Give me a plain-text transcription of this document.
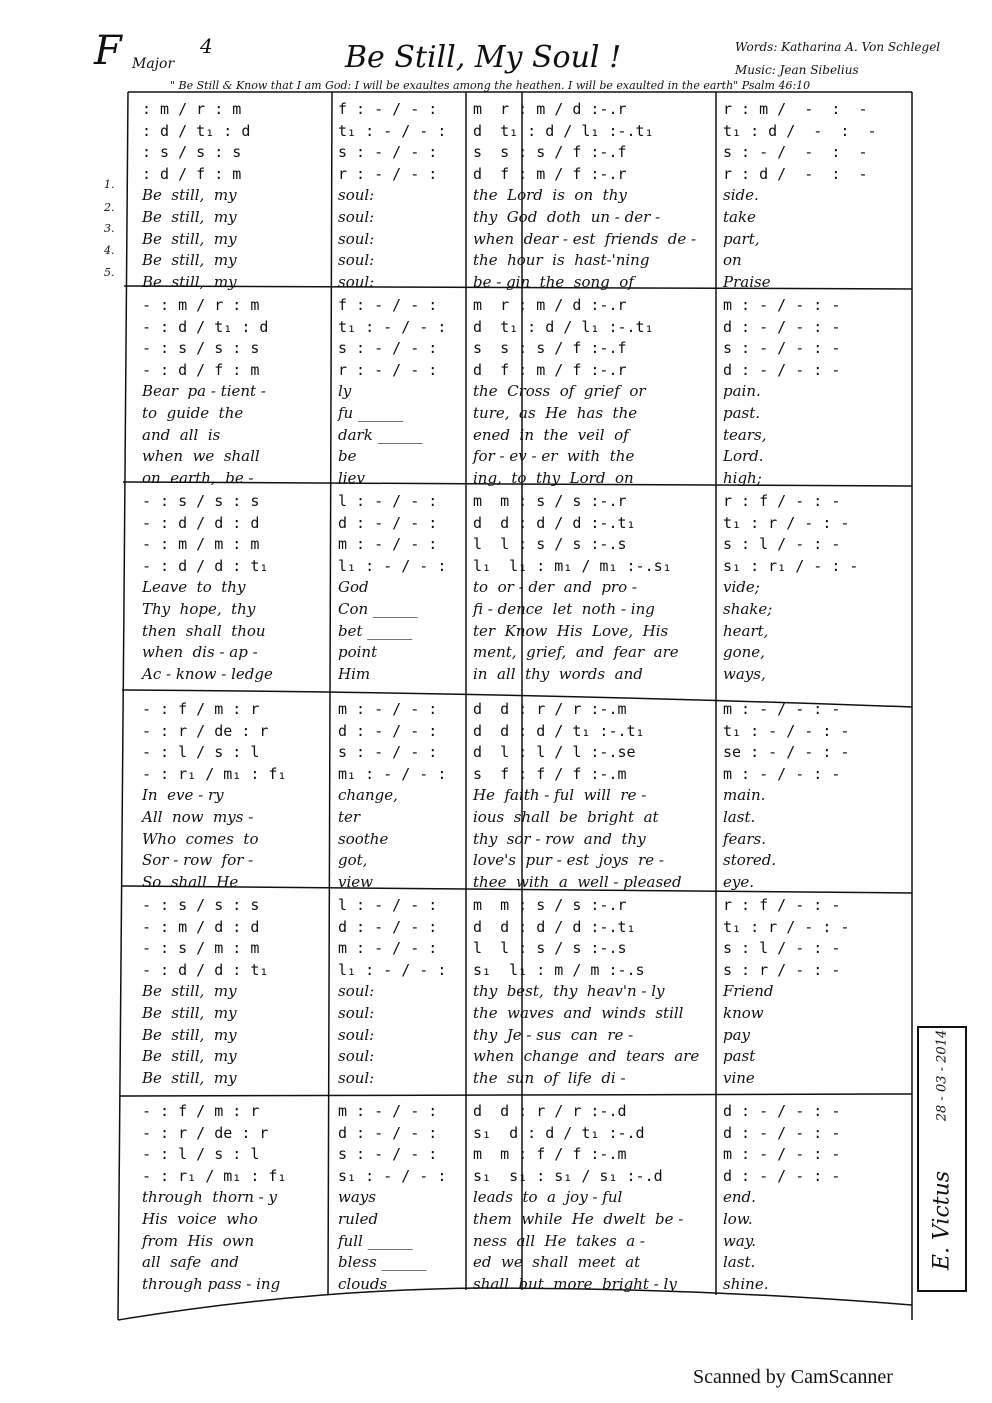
F Major
4	Be Still, My Soul !	Words: Katharina A. Von Schlegel
Music: Jean Sibelius
" Be Still & Know that I am God: I will be exaultes among the heathen. I will be exaulted in the earth" Psalm 46:10
1.
2.
3.
4.
5.
: m / r : m	f : - / - :	m  r : m / d :-.r	r : m /  -  :  -
: d / t₁ : d	t₁ : - / - :	d  t₁ : d / l₁ :-.t₁	t₁ : d /  -  :  -
: s / s : s	s : - / - :	s  s : s / f :-.f	s : - /  -  :  -
: d / f : m	r : - / - :	d  f : m / f :-.r	r : d /  -  :  -
Be  still,  my	soul:	the  Lord  is  on  thy	side.
Be  still,  my	soul:	thy  God  doth  un - der -	take
Be  still,  my	soul:	when  dear - est  friends  de -	part,
Be  still,  my	soul:	the  hour  is  hast-'ning	on
Be  still,  my	soul:	be - gin  the  song  of	Praise
- : m / r : m	f : - / - :	m  r : m / d :-.r	m : - / - : -
- : d / t₁ : d	t₁ : - / - :	d  t₁ : d / l₁ :-.t₁	d : - / - : -
- : s / s : s	s : - / - :	s  s : s / f :-.f	s : - / - : -
- : d / f : m	r : - / - :	d  f : m / f :-.r	d : - / - : -
Bear  pa - tient -	ly	the  Cross  of  grief  or	pain.
to  guide  the	fu ______	ture,  as  He  has  the	past.
and  all  is	dark ______	ened  in  the  veil  of	tears,
when  we  shall	be	for - ev - er  with  the	Lord.
on  earth,  be -	liev	ing,  to  thy  Lord  on	high;
- : s / s : s	l : - / - :	m  m : s / s :-.r	r : f / - : -
- : d / d : d	d : - / - :	d  d : d / d :-.t₁	t₁ : r / - : -
- : m / m : m	m : - / - :	l  l : s / s :-.s	s : l / - : -
- : d / d : t₁	l₁ : - / - :	l₁  l₁ : m₁ / m₁ :-.s₁	s₁ : r₁ / - : -
Leave  to  thy	God	to  or - der  and  pro -	vide;
Thy  hope,  thy	Con ______	fi - dence  let  noth - ing	shake;
then  shall  thou	bet ______	ter  Know  His  Love,  His	heart,
when  dis - ap -	point	ment,  grief,  and  fear  are	gone,
Ac - know - ledge	Him	in  all  thy  words  and	ways,
- : f / m : r	m : - / - :	d  d : r / r :-.m	m : - / - : -
- : r / de : r	d : - / - :	d  d : d / t₁ :-.t₁	t₁ : - / - : -
- : l / s : l	s : - / - :	d  l : l / l :-.se	se : - / - : -
- : r₁ / m₁ : f₁	m₁ : - / - :	s  f : f / f :-.m	m : - / - : -
In  eve - ry	change,	He  faith - ful  will  re -	main.
All  now  mys -	ter	ious  shall  be  bright  at	last.
Who  comes  to	soothe	thy  sor - row  and  thy	fears.
Sor - row  for -	got,	love's  pur - est  joys  re -	stored.
So  shall  He	view	thee  with  a  well - pleased	eye.
- : s / s : s	l : - / - :	m  m : s / s :-.r	r : f / - : -
- : m / d : d	d : - / - :	d  d : d / d :-.t₁	t₁ : r / - : -
- : s / m : m	m : - / - :	l  l : s / s :-.s	s : l / - : -
- : d / d : t₁	l₁ : - / - :	s₁  l₁ : m / m :-.s	s : r / - : -
Be  still,  my	soul:	thy  best,  thy  heav'n - ly	Friend
Be  still,  my	soul:	the  waves  and  winds  still	know
Be  still,  my	soul:	thy  Je - sus  can  re -	pay
Be  still,  my	soul:	when  change  and  tears  are	past
Be  still,  my	soul:	the  sun  of  life  di -	vine
- : f / m : r	m : - / - :	d  d : r / r :-.d	d : - / - : -
- : r / de : r	d : - / - :	s₁  d : d / t₁ :-.d	d : - / - : -
- : l / s : l	s : - / - :	m  m : f / f :-.m	m : - / - : -
- : r₁ / m₁ : f₁	s₁ : - / - :	s₁  s₁ : s₁ / s₁ :-.d	d : - / - : -
through  thorn - y	ways	leads  to  a  joy - ful	end.
His  voice  who	ruled	them  while  He  dwelt  be -	low.
from  His  own	full ______	ness  all  He  takes  a -	way.
all  safe  and	bless ______	ed  we  shall  meet  at	last.
through pass - ing	clouds	shall  but  more  bright - ly	shine.
28 - 03 - 2014
E. Victus
Scanned by CamScanner
